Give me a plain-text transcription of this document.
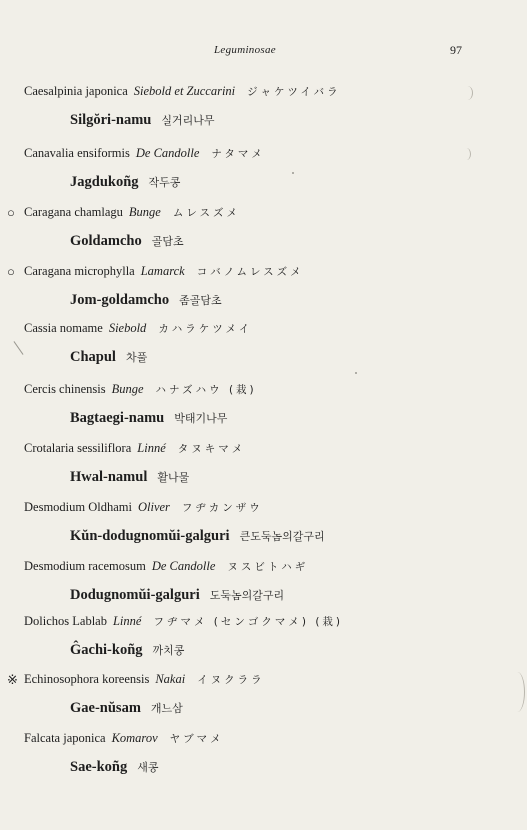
Leguminosae	97
Caesalpinia japonica Siebold et Zuccarini ジャケツイバラ
Silgŏri-namu 실거리나무
Canavalia ensiformis De Candolle ナタマメ
Jagdukoñg 작두콩
○ Caragana chamlagu Bunge ムレスズメ
Goldamcho 골담초
○ Caragana microphylla Lamarck コバノムレスズメ
Jom-goldamcho 좀골담초
Cassia nomame Siebold カハラケツメイ
Chapul 차풀
Cercis chinensis Bunge ハナズハウ (栽)
Bagtaegi-namu 박태기나무
Crotalaria sessiliflora Linné タヌキマメ
Hwal-namul 활나물
Desmodium Oldhami Oliver フヂカンザウ
Kŭn-dodugnomŭi-galguri 큰도둑놈의갈구리
Desmodium racemosum De Candolle ヌスビトハギ
Dodugnomŭi-galguri 도둑놈의갈구리
Dolichos Lablab Linné フヂマメ (センゴクマメ) (栽)
Ĝachi-koñg 까치콩
※ Echinosophora koreensis Nakai イヌクララ
Gae-nŭsam 개느삼
Falcata japonica Komarov ヤブマメ
Sae-koñg 새콩
